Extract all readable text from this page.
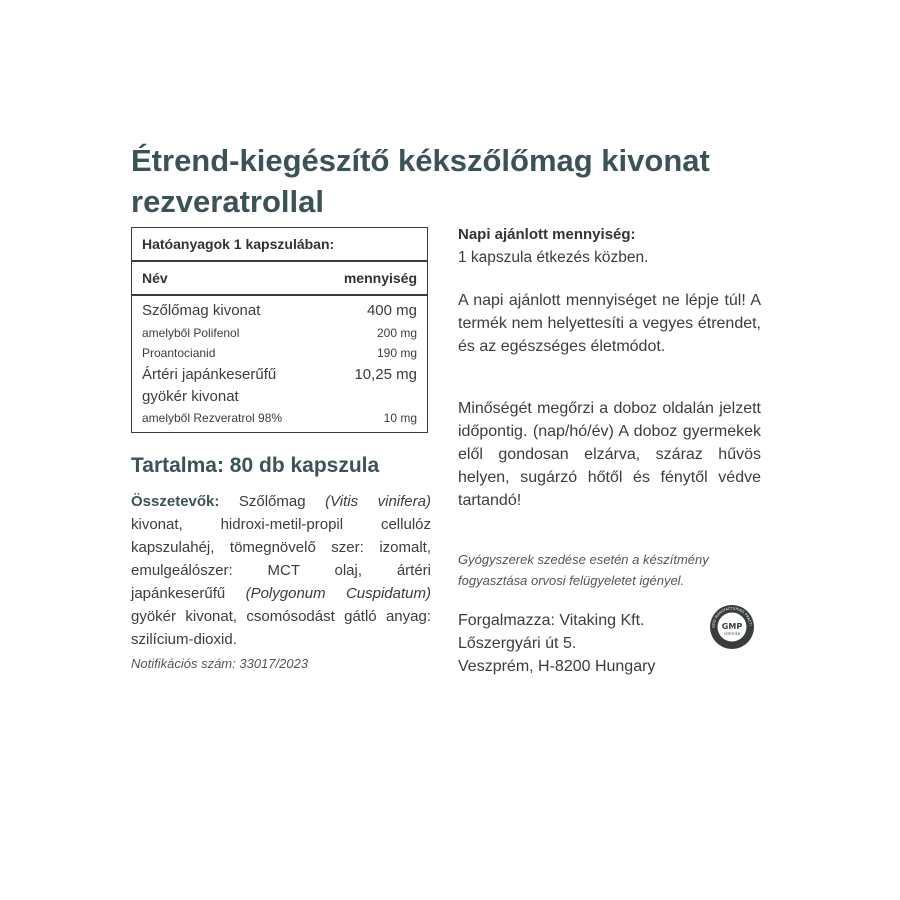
Étrend-kiegészítő kékszőlőmag kivonat
rezveratrollal
Hatóanyagok 1 kapszulában:
Név	mennyiség
Szőlőmag kivonat	400 mg
amelyből Polifenol	200 mg
Proantocianid	190 mg
Ártéri japánkeserűfű	10,25 mg
gyökér kivonat
amelyből Rezveratrol 98%	10 mg
Tartalma: 80 db kapszula
Összetevők: Szőlőmag (Vitis vinifera) kivonat, hidroxi-metil-propil cellulóz kapszulahéj, tömegnövelő szer: izomalt, emulgeálószer: MCT olaj, ártéri japánkeserűfű (Polygonum Cuspidatum) gyökér kivonat, csomósodást gátló anyag: szilícium-dioxid.
Notifikációs szám: 33017/2023
Napi ajánlott mennyiség:
1 kapszula étkezés közben.
A napi ajánlott mennyiséget ne lépje túl! A termék nem helyettesíti a vegyes étrendet, és az egészséges életmódot.
Minőségét megőrzi a doboz oldalán jelzett időpontig. (nap/hó/év) A doboz gyermekek elől gondosan elzárva, száraz hűvös helyen, sugárzó hőtől és fénytől védve tartandó!
Gyógyszerek szedése esetén a készítmény fogyasztása orvosi felügyeletet igényel.
Forgalmazza: Vitaking Kft.
Lőszergyári út 5.
Veszprém, H-8200 Hungary
OOD MANUFACTURING PRACTI
GMP
CERTIFIED
